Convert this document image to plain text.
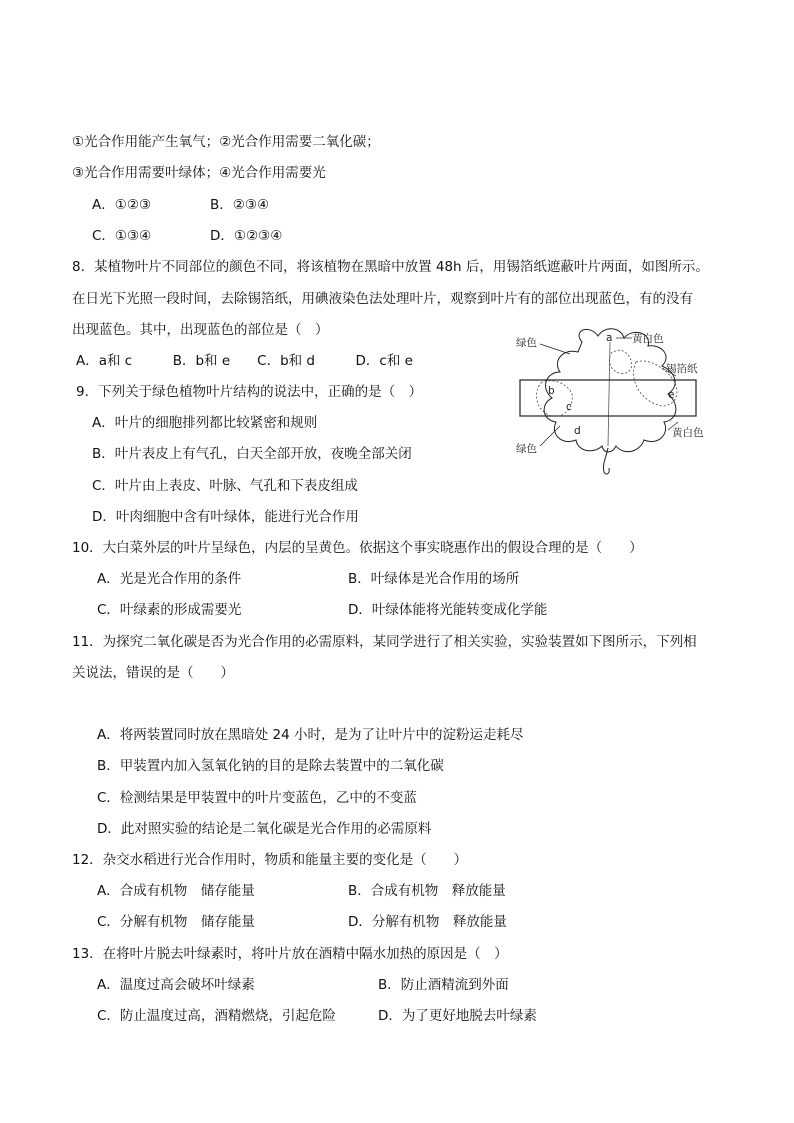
①光合作用能产生氧气；②光合作用需要二氧化碳；
③光合作用需要叶绿体；④光合作用需要光
A．①②③	B．②③④
C．①③④	D．①②③④
8．某植物叶片不同部位的颜色不同，将该植物在黑暗中放置 48h 后，用锡箔纸遮蔽叶片两面，如图所示。
在日光下光照一段时间，去除锡箔纸，用碘液染色法处理叶片，观察到叶片有的部位出现蓝色，有的没有
出现蓝色。其中，出现蓝色的部位是（　）
A．a和 c　　　B．b和 e　　C．b和 d　　　D．c和 e
绿色	a 黄白色
锡箔纸
b
c
d
e
绿色
黄白色
9．下列关于绿色植物叶片结构的说法中，正确的是（　）
A．叶片的细胞排列都比较紧密和规则
B．叶片表皮上有气孔，白天全部开放，夜晚全部关闭
C．叶片由上表皮、叶脉、气孔和下表皮组成
D．叶肉细胞中含有叶绿体，能进行光合作用
10．大白菜外层的叶片呈绿色，内层的呈黄色。依据这个事实晓惠作出的假设合理的是（　　）
A．光是光合作用的条件	B．叶绿体是光合作用的场所
C．叶绿素的形成需要光	D．叶绿体能将光能转变成化学能
11．为探究二氧化碳是否为光合作用的必需原料，某同学进行了相关实验，实验装置如下图所示，下列相
关说法，错误的是（　　）
A．将两装置同时放在黑暗处 24 小时，是为了让叶片中的淀粉运走耗尽
B．甲装置内加入氢氧化钠的目的是除去装置中的二氧化碳
C．检测结果是甲装置中的叶片变蓝色，乙中的不变蓝
D．此对照实验的结论是二氧化碳是光合作用的必需原料
12．杂交水稻进行光合作用时，物质和能量主要的变化是（　　）
A．合成有机物　储存能量	B．合成有机物　释放能量
C．分解有机物　储存能量	D．分解有机物　释放能量
13．在将叶片脱去叶绿素时，将叶片放在酒精中隔水加热的原因是（　）
A．温度过高会破坏叶绿素	B．防止酒精流到外面
C．防止温度过高，酒精燃烧，引起危险	D．为了更好地脱去叶绿素
